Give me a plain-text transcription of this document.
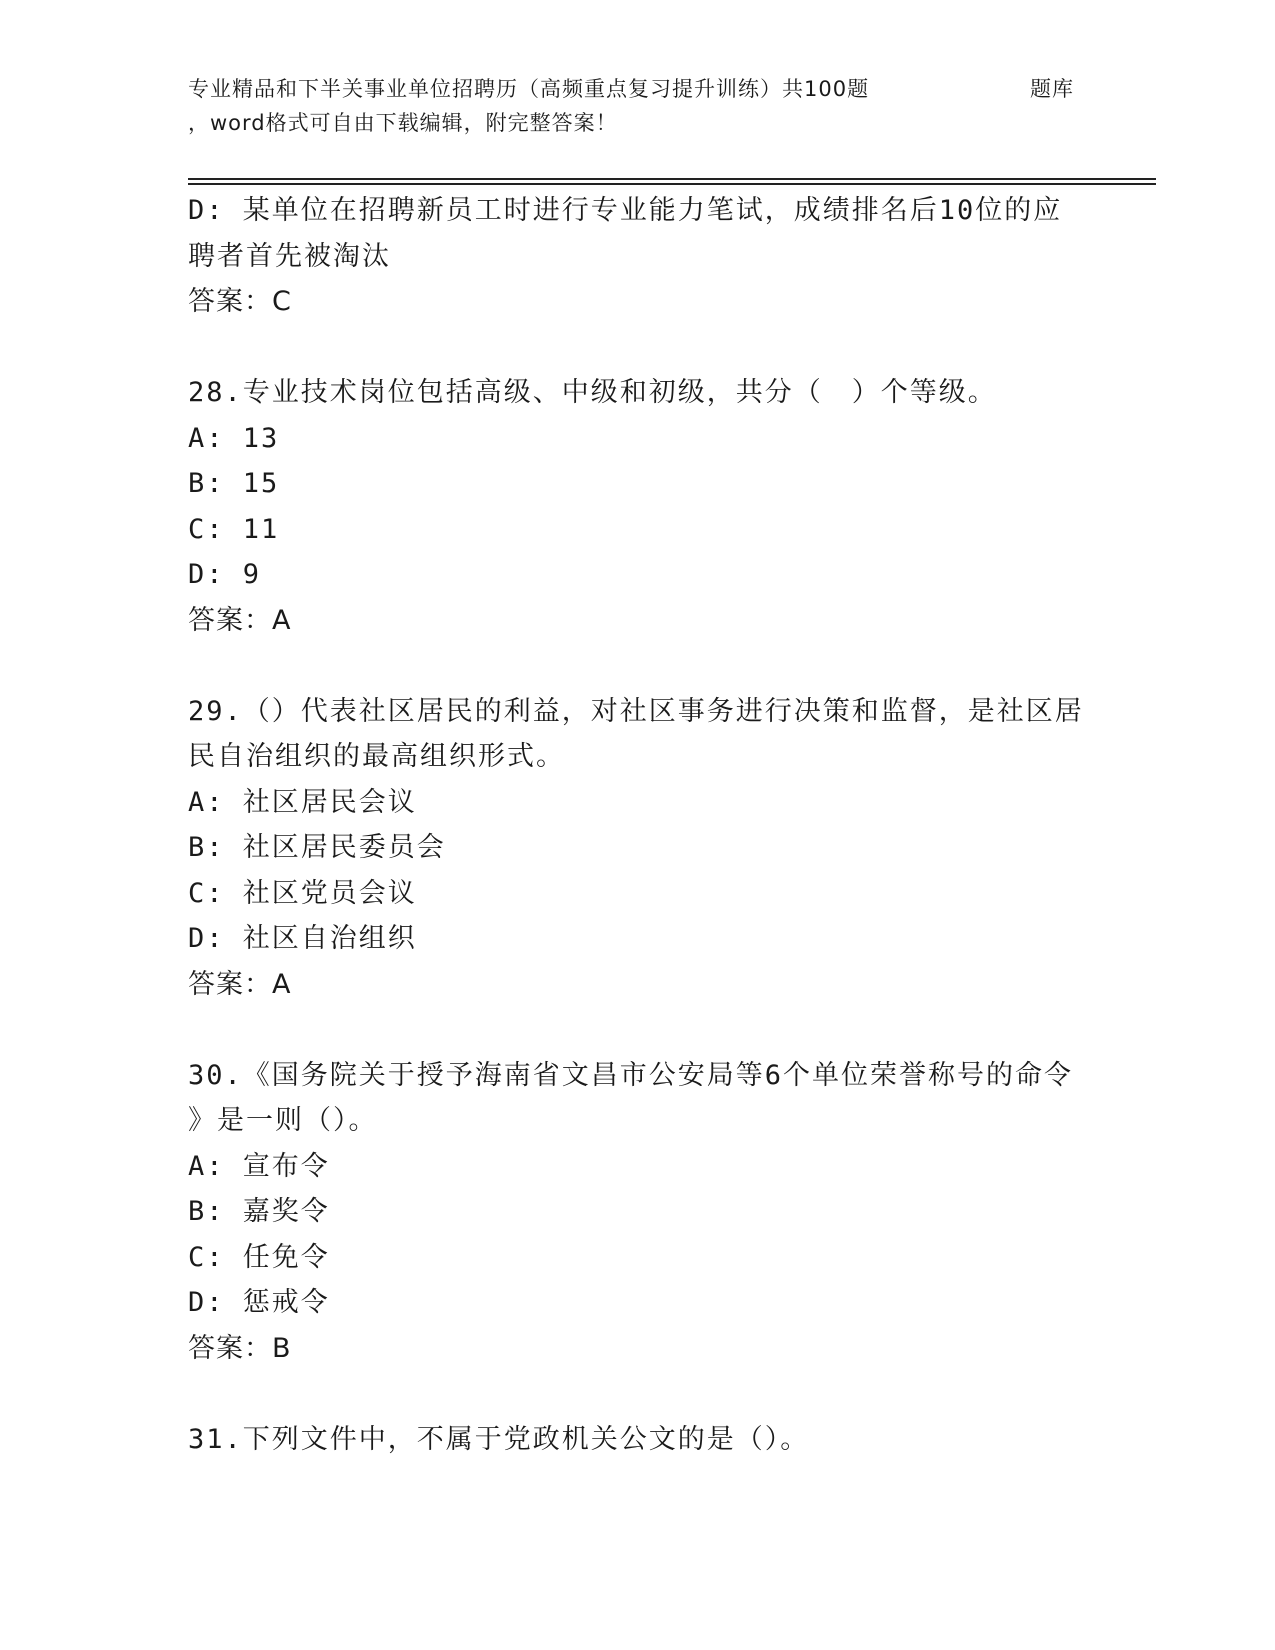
专业精品和下半关事业单位招聘历（高频重点复习提升训练）共100题	题库
，word格式可自由下载编辑，附完整答案！
D: 某单位在招聘新员工时进行专业能力笔试，成绩排名后10位的应
聘者首先被淘汰
答案：C
28.专业技术岗位包括高级、中级和初级，共分（　）个等级。
A: 13
B: 15
C: 11
D: 9
答案：A
29.（）代表社区居民的利益，对社区事务进行决策和监督，是社区居
民自治组织的最高组织形式。
A: 社区居民会议
B: 社区居民委员会
C: 社区党员会议
D: 社区自治组织
答案：A
30.《国务院关于授予海南省文昌市公安局等6个单位荣誉称号的命令
》是一则（）。
A: 宣布令
B: 嘉奖令
C: 任免令
D: 惩戒令
答案：B
31.下列文件中，不属于党政机关公文的是（）。
